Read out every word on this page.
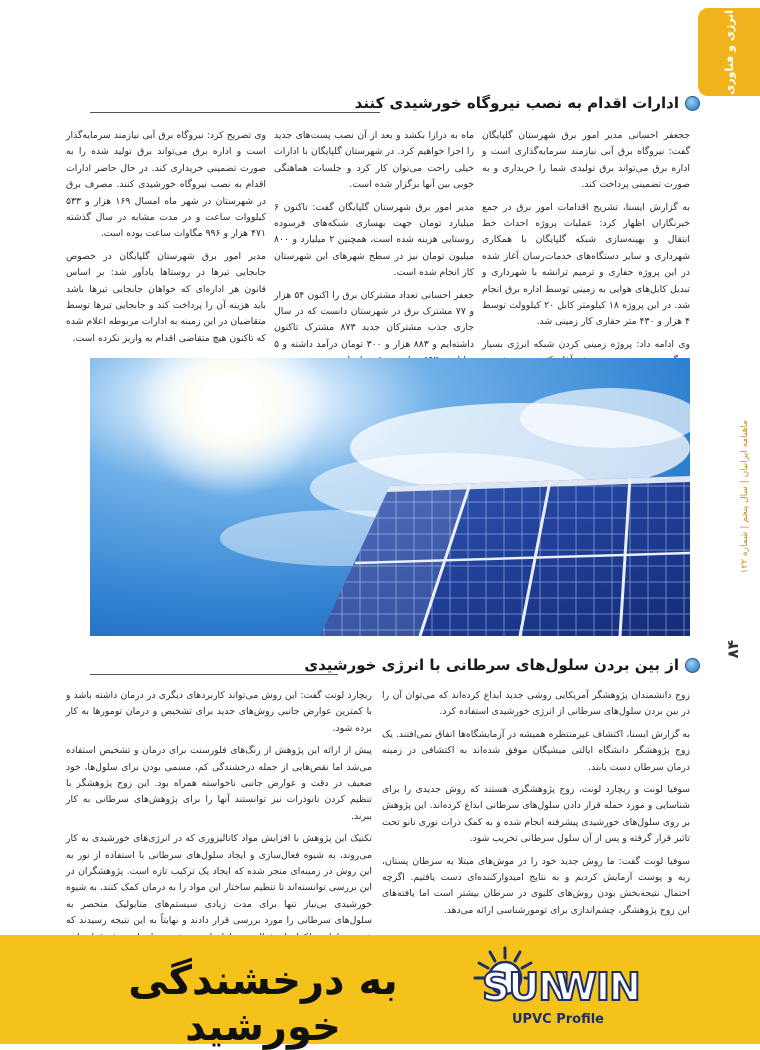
انرژی و فناوری
ماهنامه ایرانیان | سال پنجم | شماره ۱۲۲
۸۴
ادارات اقدام به نصب نیروگاه خورشیدی کنند

ججعفر احسانی مدیر امور برق شهرستان گلپایگان گفت: نیروگاه برق آبی نیازمند سرمایه‌گذاری است و اداره برق می‌تواند برق تولیدی شما را خریداری و به صورت تضمینی پرداخت کند.

به گزارش ایسنا، تشریح اقدامات امور برق در جمع خبرنگاران اظهار کرد: عملیات پروژه احداث خط انتقال و بهینه‌سازی شبکه گلپایگان با همکاری شهرداری و سایر دستگاه‌های خدمات‌رسان آغاز شده در این پروژه حفاری و ترمیم ترانشه با شهرداری و تبدیل کابل‌های هوایی به زمینی توسط اداره برق انجام شد. در این پروژه ۱۸ کیلومتر کابل ۲۰ کیلوولت توسط ۴ هزار و ۴۳۰ متر حفاری کار زمینی شد.

وی ادامه داد: پروژه زمینی کردن شبکه انرژی بسیار

ماه به درازا بکشد و بعد از آن نصب پست‌های جدید را اجرا خواهیم کرد. در شهرستان گلپایگان با ادارات خیلی راحت می‌توان کار کرد و جلسات هماهنگی خوبی بین آنها برگزار شده است.

مدیر امور برق شهرستان گلپایگان گفت: تاکنون ۶ میلیارد تومان جهت بهسازی شبکه‌های فرسوده روستایی هزینه شده است، همچنین ۲ میلیارد و ۸۰۰ میلیون تومان نیز در سطح شهرهای این شهرستان کار انجام شده است.

جعفر احسانی تعداد مشترکان برق را اکنون ۵۴ هزار و ۷۷ مشترک برق در شهرستان دانست که در سال جاری جذب مشترکان جدید ۸۷۳ مشترک تاکنون داشته‌ایم و ۸۸۳ هزار و ۳۰۰ تومان درآمد داشته و ۵

وی تصریح کرد: نیروگاه برق آبی نیازمند سرمایه‌گذار است و اداره برق می‌تواند برق تولید شده را به صورت تضمینی خریداری کند. در حال حاضر ادارات اقدام به نصب نیروگاه خورشیدی کنند. مصرف برق در شهرستان در شهر ماه امسال ۱۶۹ هزار و ۵۳۳ کیلووات ساعت و در مدت مشابه در سال گذشته ۴۷۱ هزار و ۹۹۶ مگاوات ساعت بوده است.

مدیر امور برق شهرستان گلپایگان در خصوص جابجایی تیرها در روستاها یادآور شد: بر اساس قانون هر اداره‌ای که خواهان جابجایی تیرها باشد باید هزینه آن را پرداخت کند و جابجایی تیرها توسط متقاضیان در این زمینه به ادارات مربوطه اعلام شده که تاکنون هیچ متقاضی اقدام به واریز نکرده است.

از بین بردن سلول‌های سرطانی با انرژی خورشیدی

زوج دانشمندان پژوهشگر آمریکایی روشی جدید ابداع کرده‌اند که می‌توان آن را در بین بردن سلول‌های سرطانی از انرژی خورشیدی استفاده کرد.

به گزارش ایسنا، اکتشاف غیرمنتظره همیشه در آزمایشگاه‌ها اتفاق نمی‌افتند. یک زوج پژوهشگر دانشگاه ایالتی میشیگان موفق شده‌اند به اکتشافی در زمینه درمان سرطان دست یابند.

سوفیا لونت و ریچارد لونت، زوج پژوهشگری هستند که روش جدیدی را برای شناسایی و مورد حمله قرار دادن سلول‌های سرطانی ابداع کرده‌اند. این پژوهش بر روی سلول‌های خورشیدی پیشرفته انجام شده و به کمک ذرات نوری نانو تحت تاثیر قرار گرفته و پس از آن سلول سرطانی تخریب شود.

سوفیا لونت گفت: ما روش جدید خود را در موش‌های مبتلا به سرطان پستان، ریه و پوست آزمایش کردیم و به نتایج امیدوارکننده‌ای دست یافتیم. اگرچه احتمال نتیجه‌بخش بودن روش‌های کلیوی در سرطان بیشتر است اما یافته‌های این زوج پژوهشگر، چشم‌اندازی برای تومورشناسی ارائه می‌دهد.

ریچارد لونت گفت: این روش می‌تواند کاربردهای دیگری در درمان داشته باشد و با کمترین عوارض جانبی روش‌های جدید برای تشخیص و درمان تومورها به کار برده شود.

پیش از ارائه این پژوهش از رنگ‌های فلورسنت برای درمان و تشخیص استفاده می‌شد اما نقص‌هایی از جمله درخشندگی کم، مسمی بودن برای سلول‌ها، خود ضعیف در دقت و عوارض جانبی ناخواسته همراه بود. این زوج پژوهشگر با تنظیم کردن نانوذرات نیز توانستند آنها را برای پژوهش‌های سرطانی به کار ببرند.

تکنیک این پژوهش با افزایش مواد کاتالیزوری که در انرژی‌های خورشیدی به کار می‌روند، به شیوه فعال‌سازی و ایجاد سلول‌های سرطانی با استفاده از نور به این روش در زمینه‌ای منجر شده که ایجاد یک ترکیب تازه است. پژوهشگران در این بررسی توانسته‌اند تا تنظیم ساختار این مواد را به درمان کمک کنند. به شیوه خورشیدی بی‌نیاز تنها برای مدت زیادی سیستم‌های متابولیک متحصر به سلول‌های سرطانی را مورد بررسی قرار دادند و نهایتاً به این نتیجه رسیدند که

به درخشندگی خورشید
SUN
WIN
UPVC Profile
